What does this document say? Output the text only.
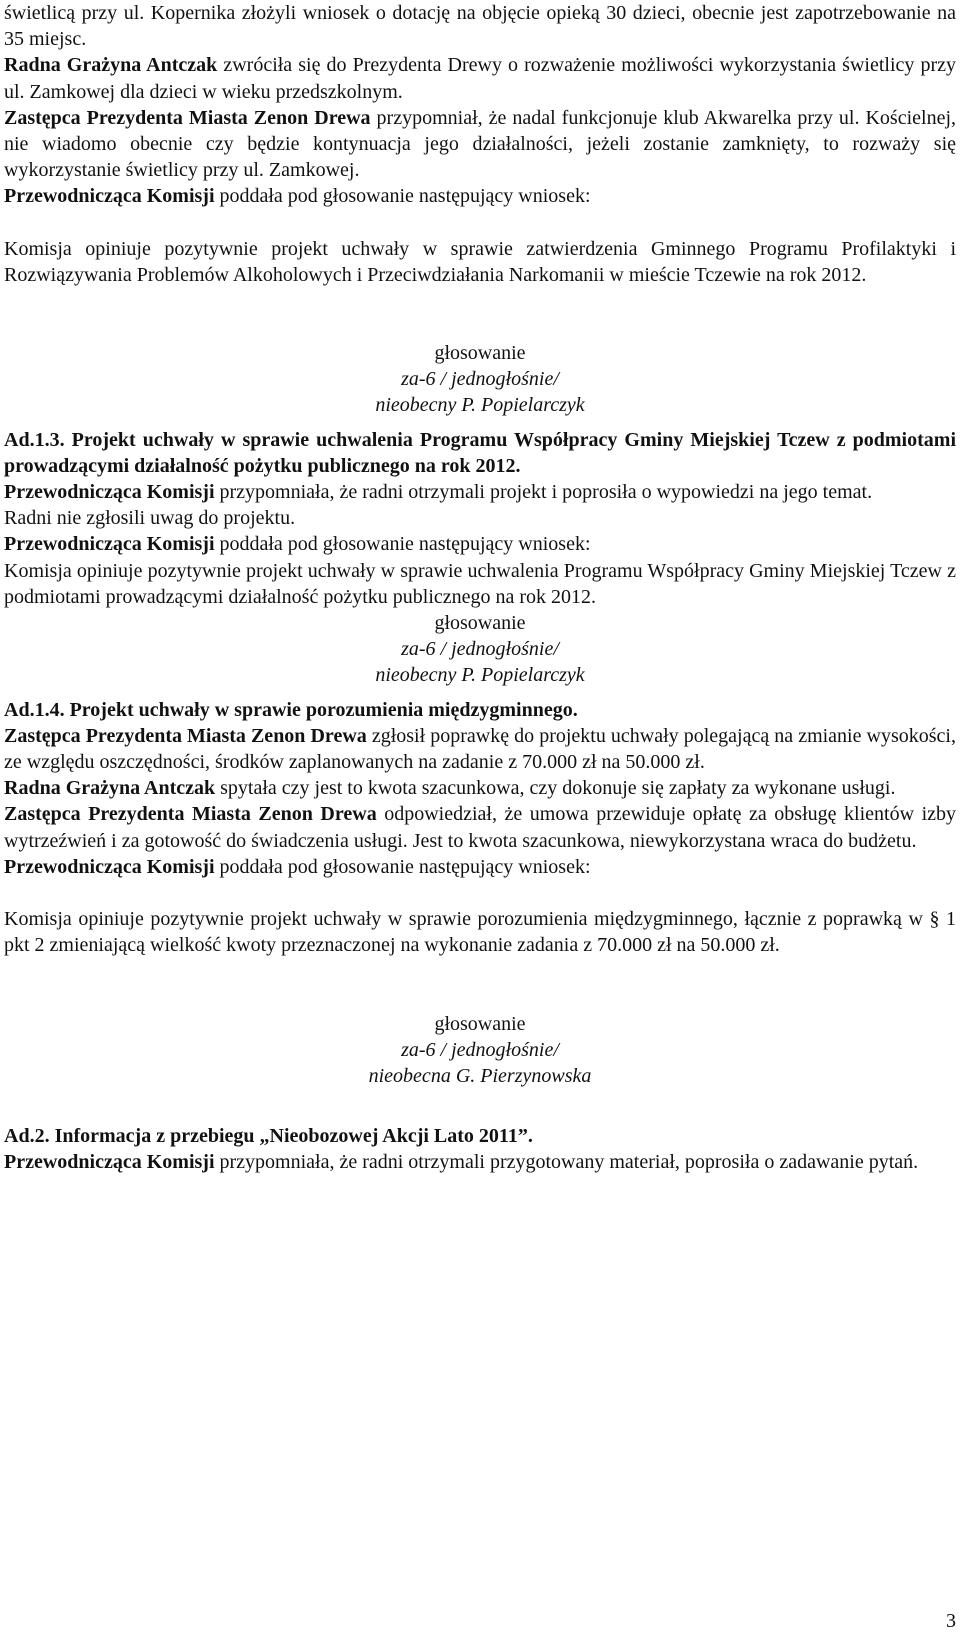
świetlicą przy ul. Kopernika złożyli wniosek o dotację na objęcie opieką 30 dzieci, obecnie jest zapotrzebowanie na 35 miejsc.

Radna Grażyna Antczak zwróciła się do Prezydenta Drewy o rozważenie możliwości wykorzystania świetlicy przy ul. Zamkowej dla dzieci w wieku przedszkolnym.

Zastępca Prezydenta Miasta Zenon Drewa przypomniał, że nadal funkcjonuje klub Akwarelka przy ul. Kościelnej, nie wiadomo obecnie czy będzie kontynuacja jego działalności, jeżeli zostanie zamknięty, to rozważy się wykorzystanie świetlicy przy ul. Zamkowej.

Przewodnicząca Komisji poddała pod głosowanie następujący wniosek:

Komisja opiniuje pozytywnie projekt uchwały w sprawie zatwierdzenia Gminnego Programu Profilaktyki i Rozwiązywania Problemów Alkoholowych i Przeciwdziałania Narkomanii w mieście Tczewie na rok 2012.

głosowanie
za-6 / jednogłośnie/
nieobecny P. Popielarczyk

Ad.1.3. Projekt uchwały w sprawie uchwalenia Programu Współpracy Gminy Miejskiej Tczew z podmiotami prowadzącymi działalność pożytku publicznego na rok 2012.

Przewodnicząca Komisji przypomniała, że radni otrzymali projekt i poprosiła o wypowiedzi na jego temat.

Radni nie zgłosili uwag do projektu.

Przewodnicząca Komisji poddała pod głosowanie następujący wniosek:

Komisja opiniuje pozytywnie projekt uchwały w sprawie uchwalenia Programu Współpracy Gminy Miejskiej Tczew z podmiotami prowadzącymi działalność pożytku publicznego na rok 2012.

głosowanie
za-6 / jednogłośnie/
nieobecny P. Popielarczyk

Ad.1.4. Projekt uchwały w sprawie porozumienia międzygminnego.

Zastępca Prezydenta Miasta Zenon Drewa zgłosił poprawkę do projektu uchwały polegającą na zmianie wysokości, ze względu oszczędności, środków zaplanowanych na zadanie z 70.000 zł na 50.000 zł.

Radna Grażyna Antczak spytała czy jest to kwota szacunkowa, czy dokonuje się zapłaty za wykonane usługi.

Zastępca Prezydenta Miasta Zenon Drewa odpowiedział, że umowa przewiduje opłatę za obsługę klientów izby wytrzeźwień i za gotowość do świadczenia usługi. Jest to kwota szacunkowa, niewykorzystana wraca do budżetu.

Przewodnicząca Komisji poddała pod głosowanie następujący wniosek:

Komisja opiniuje pozytywnie projekt uchwały w sprawie porozumienia międzygminnego, łącznie z poprawką w § 1 pkt 2 zmieniającą wielkość kwoty przeznaczonej na wykonanie zadania z 70.000 zł na 50.000 zł.

głosowanie
za-6 / jednogłośnie/
nieobecna G. Pierzynowska

Ad.2. Informacja z przebiegu „Nieobozowej Akcji Lato 2011”.

Przewodnicząca Komisji przypomniała, że radni otrzymali przygotowany materiał, poprosiła o zadawanie pytań.

3
